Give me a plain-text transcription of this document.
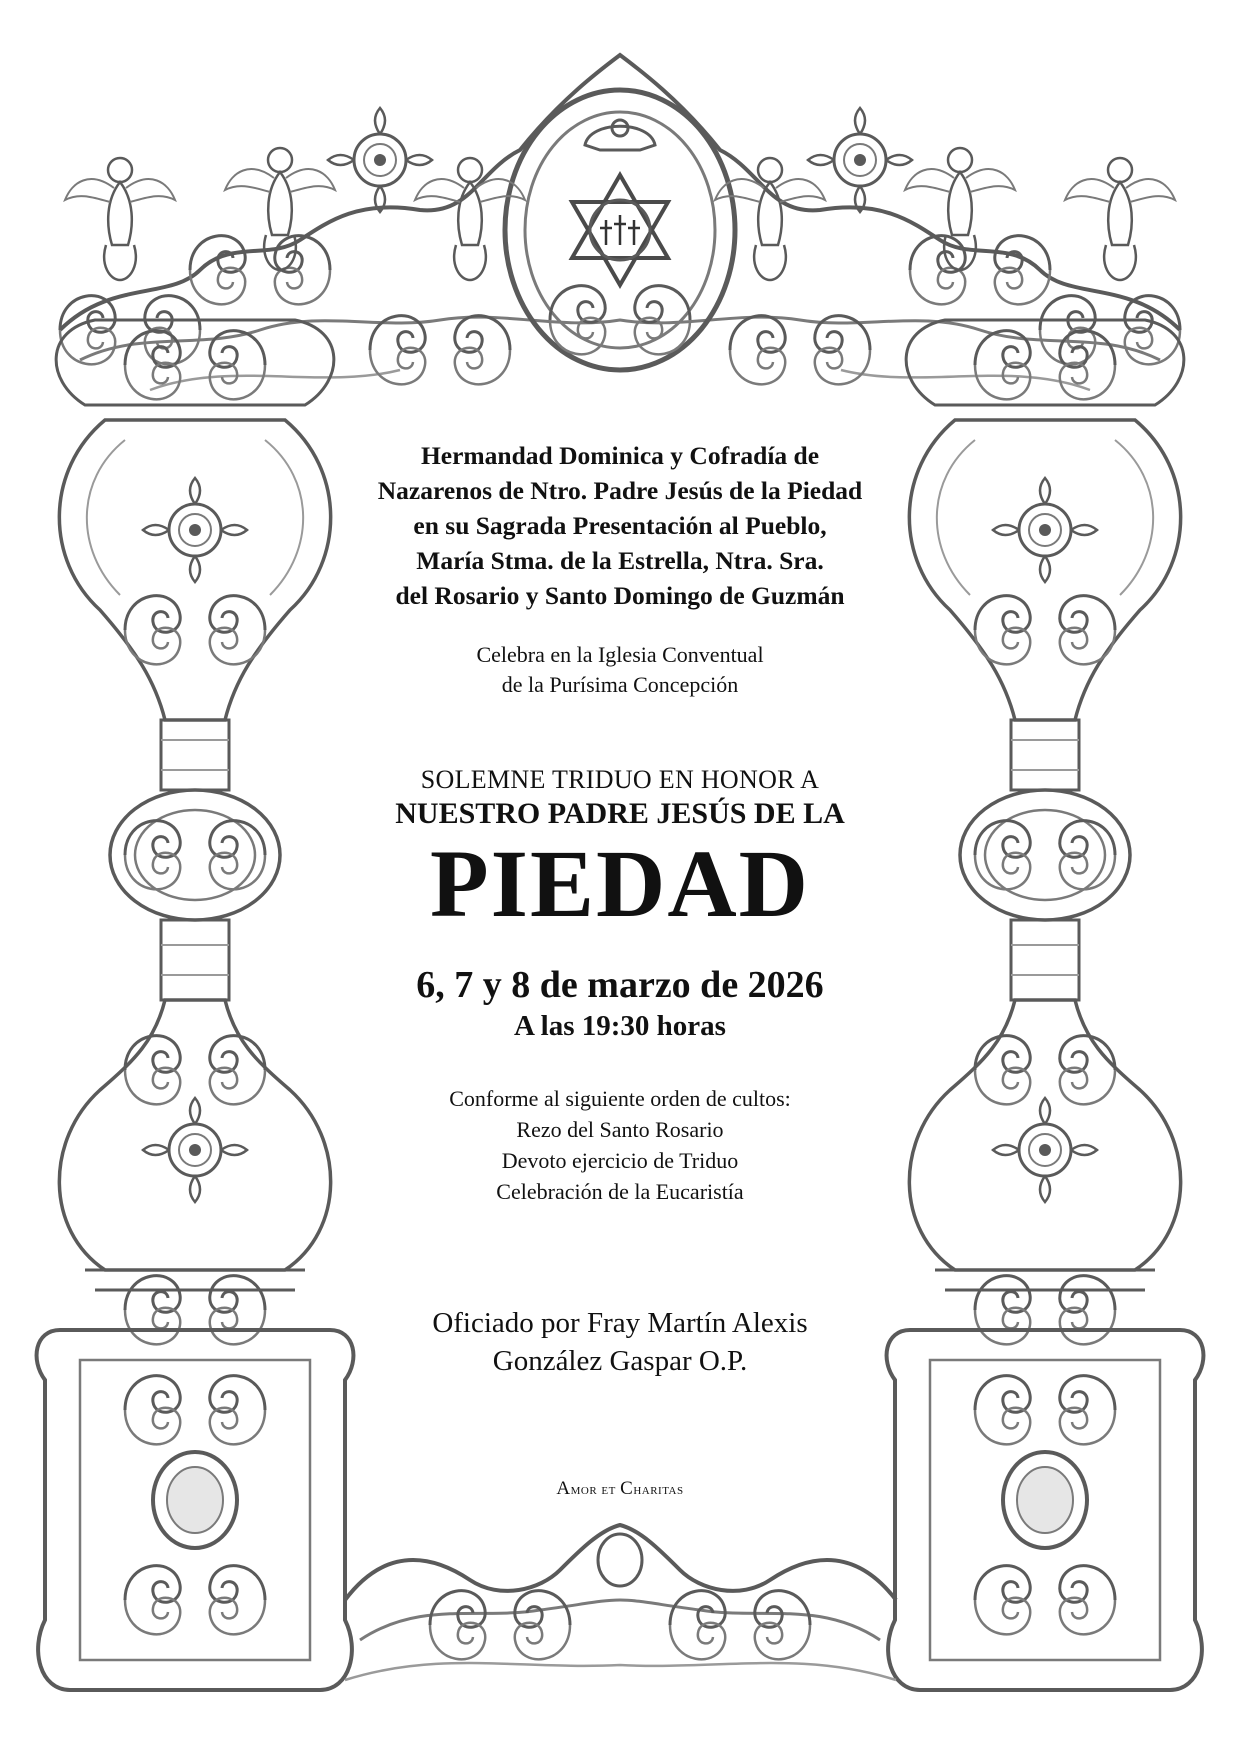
Hermandad Dominica y Cofradía de
Nazarenos de Ntro. Padre Jesús de la Piedad
en su Sagrada Presentación al Pueblo,
María Stma. de la Estrella, Ntra. Sra.
del Rosario y Santo Domingo de Guzmán
Celebra en la Iglesia Conventual
de la Purísima Concepción
SOLEMNE TRIDUO EN HONOR A
NUESTRO PADRE JESÚS DE LA
PIEDAD
6, 7 y 8 de marzo de 2026
A las 19:30 horas
Conforme al siguiente orden de cultos:
Rezo del Santo Rosario
Devoto ejercicio de Triduo
Celebración de la Eucaristía
Oficiado por Fray Martín Alexis
González Gaspar O.P.
Amor et Charitas
